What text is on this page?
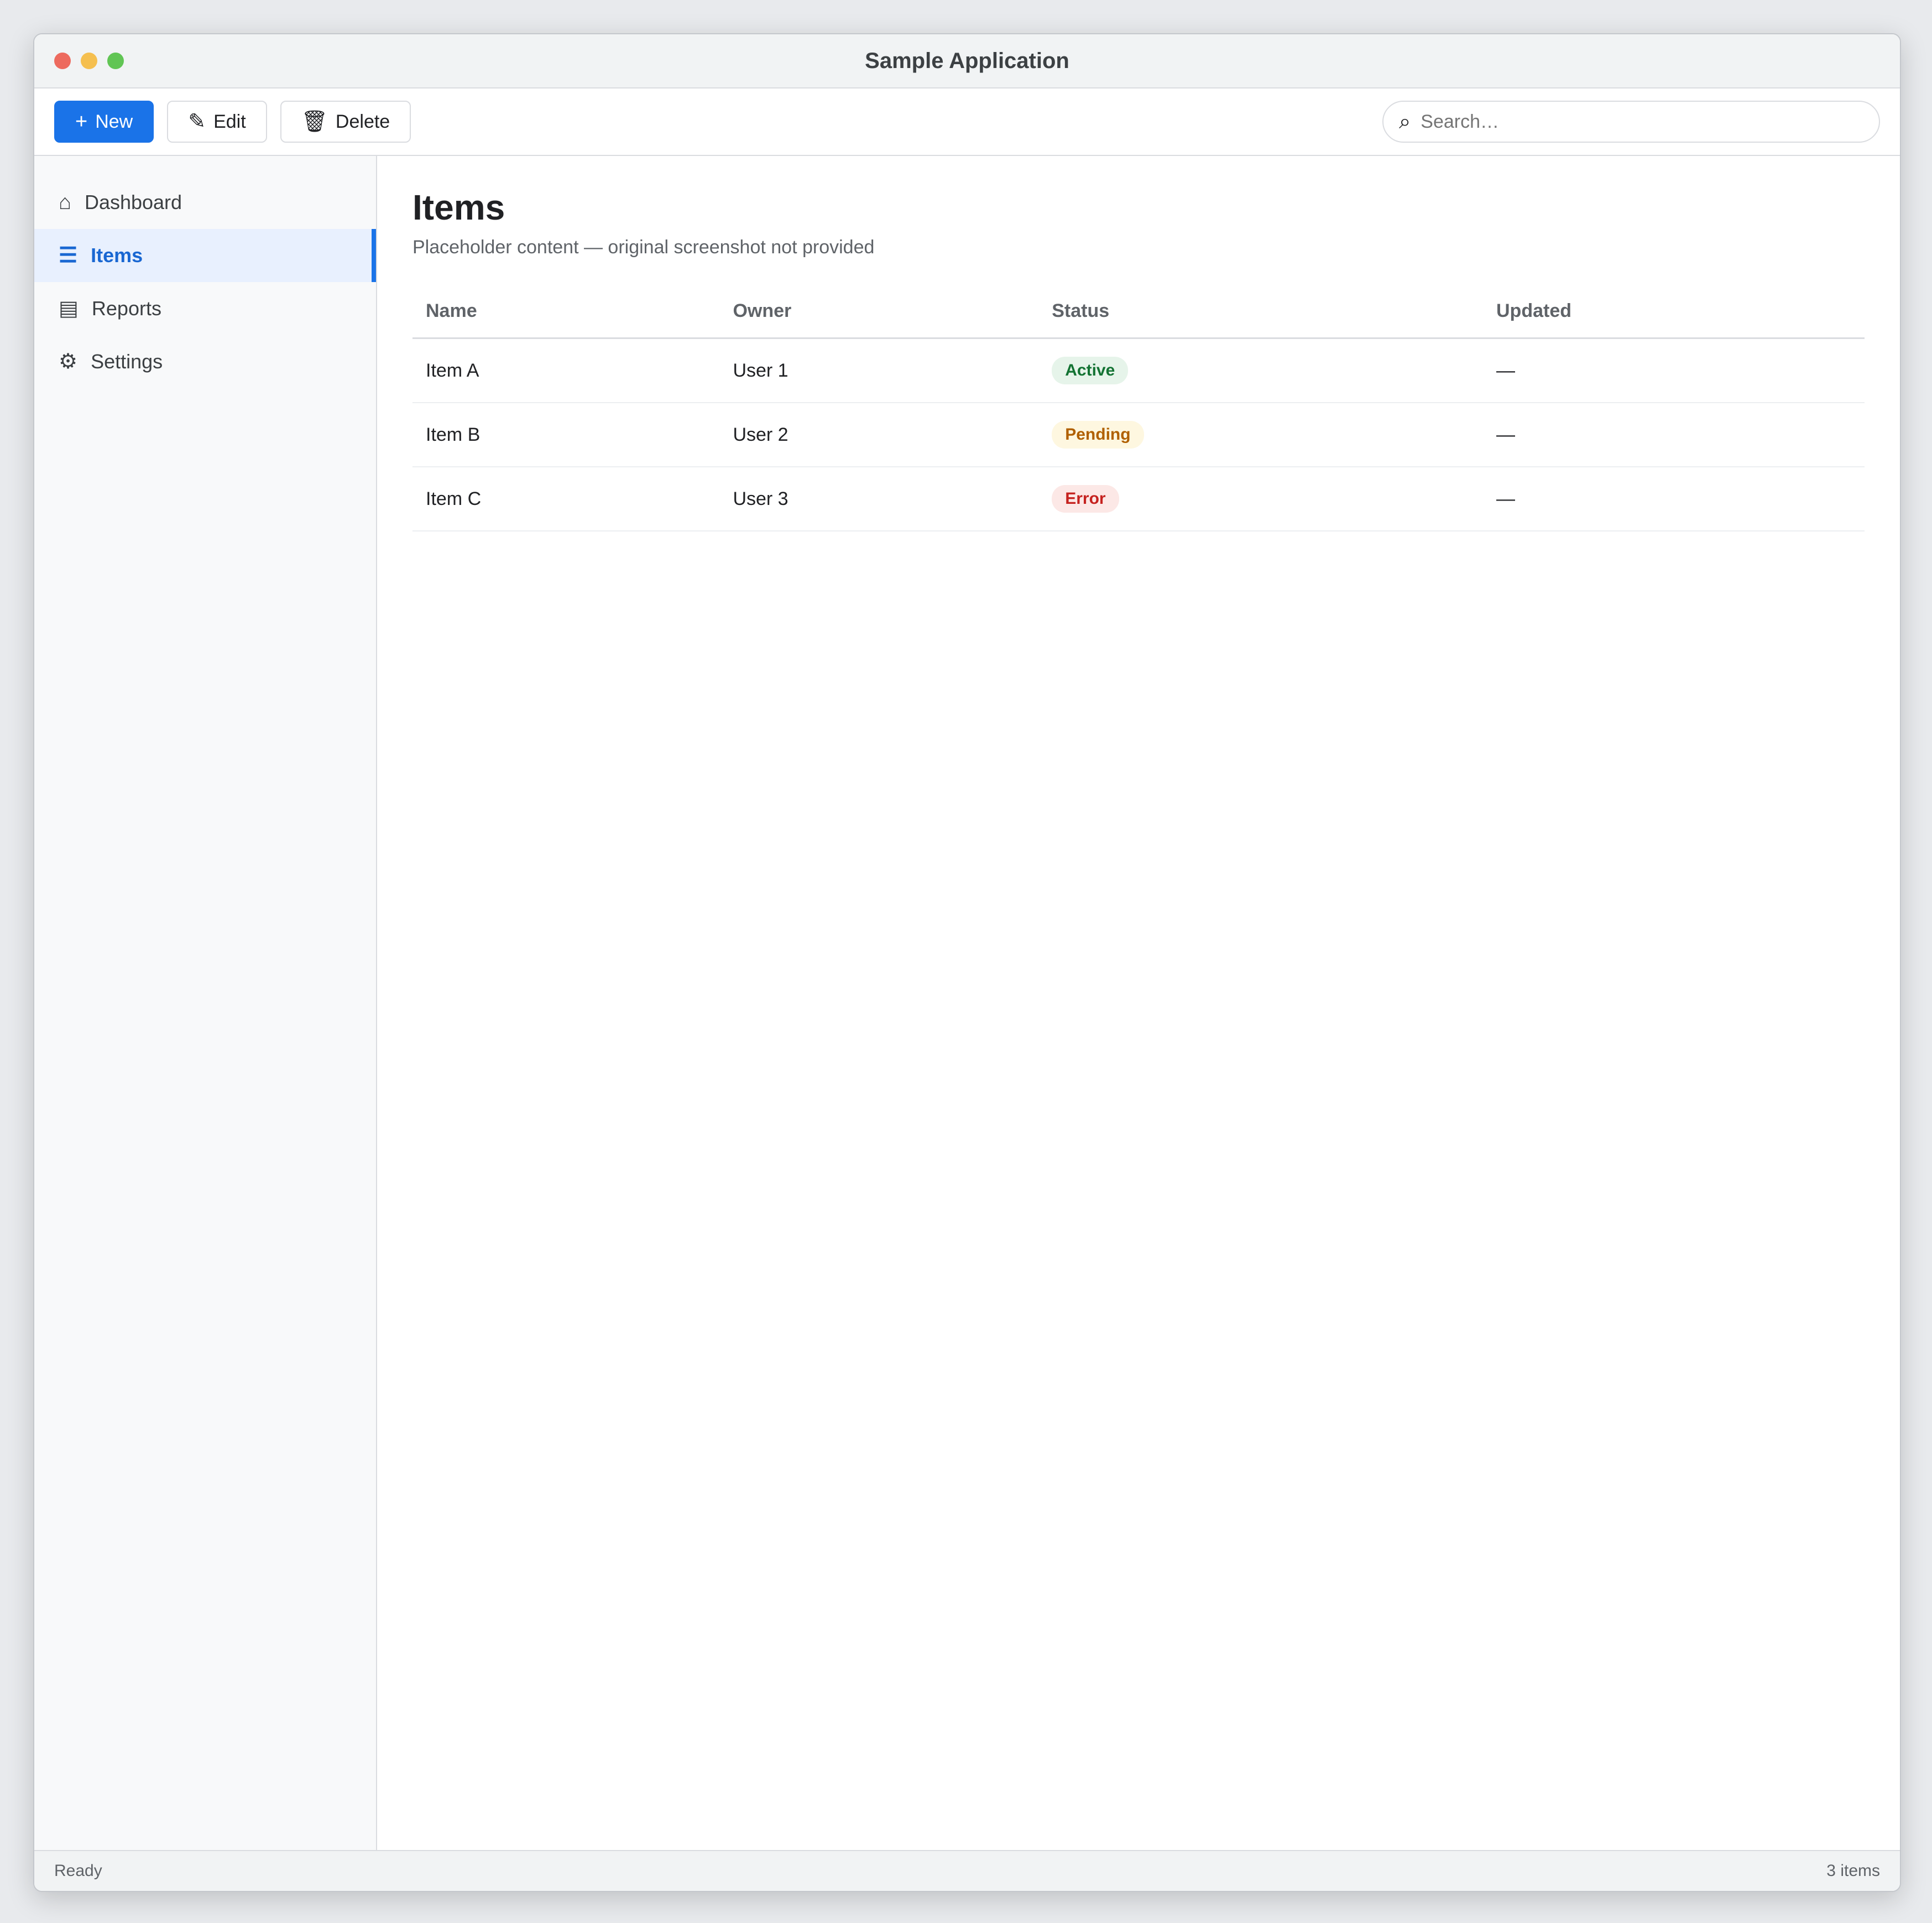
Sample Application
+ New	✎ Edit	🗑 Delete	⌕
Search…
⌂ Dashboard
☰ Items
▤ Reports
⚙ Settings
Items

Placeholder content — original screenshot not provided

Name	Owner	Status	Updated
Item A	User 1	Active	—
Item B	User 2	Pending	—
Item C	User 3	Error	—
Ready	3 items
